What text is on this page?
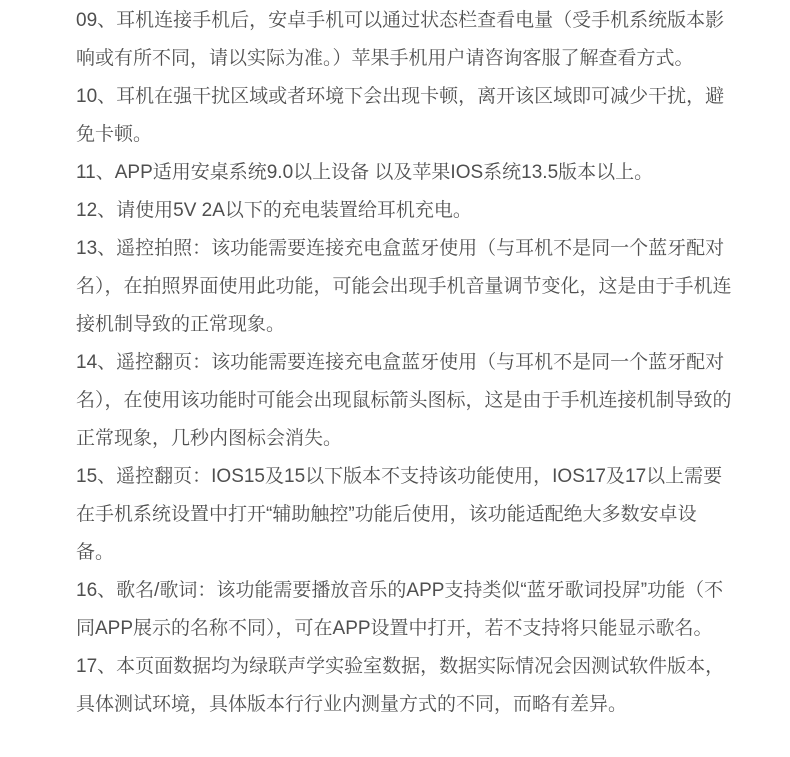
09、耳机连接手机后，安卓手机可以通过状态栏查看电量（受手机系统版本影响或有所不同，请以实际为准。）苹果手机用户请咨询客服了解查看方式。

10、耳机在强干扰区域或者环境下会出现卡顿，离开该区域即可减少干扰，避免卡顿。

11、APP适用安桌系统9.0以上设备 以及苹果IOS系统13.5版本以上。

12、请使用5V 2A以下的充电装置给耳机充电。

13、遥控拍照：该功能需要连接充电盒蓝牙使用（与耳机不是同一个蓝牙配对名），在拍照界面使用此功能，可能会出现手机音量调节变化，这是由于手机连接机制导致的正常现象。

14、遥控翻页：该功能需要连接充电盒蓝牙使用（与耳机不是同一个蓝牙配对名），在使用该功能时可能会出现鼠标箭头图标，这是由于手机连接机制导致的正常现象，几秒内图标会消失。

15、遥控翻页：IOS15及15以下版本不支持该功能使用，IOS17及17以上需要在手机系统设置中打开“辅助触控”功能后使用，该功能适配绝大多数安卓设备。

16、歌名/歌词：该功能需要播放音乐的APP支持类似“蓝牙歌词投屏”功能（不同APP展示的名称不同），可在APP设置中打开，若不支持将只能显示歌名。

17、本页面数据均为绿联声学实验室数据，数据实际情况会因测试软件版本，具体测试环境，具体版本行行业内测量方式的不同，而略有差异。
